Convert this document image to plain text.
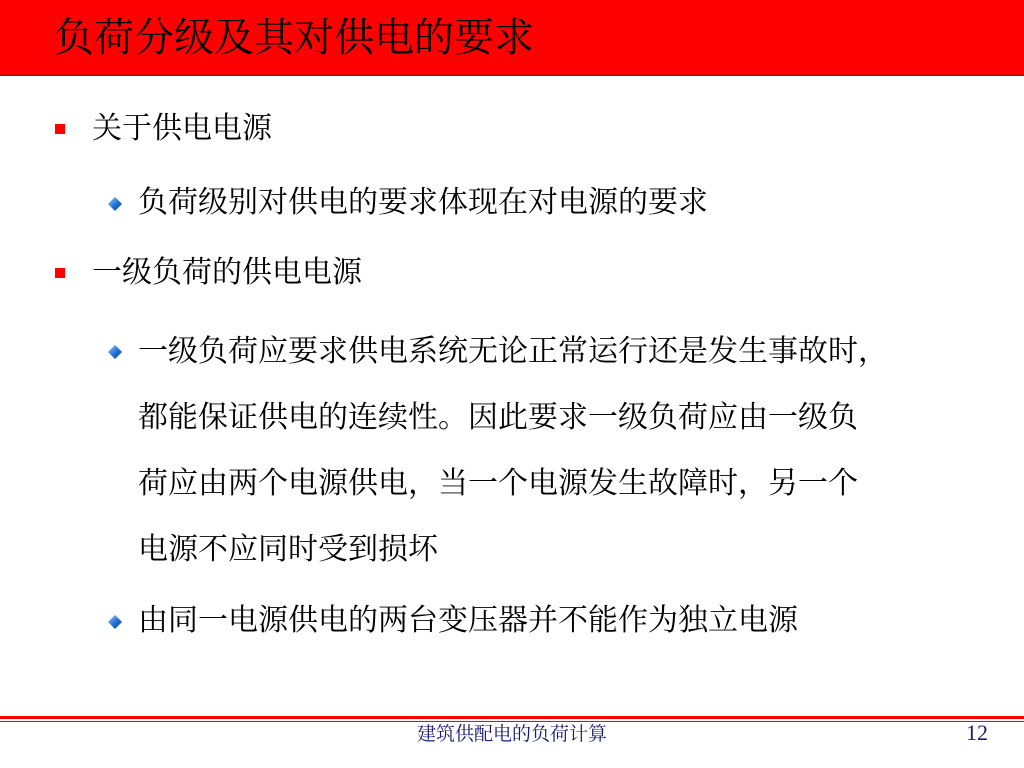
负荷分级及其对供电的要求
关于供电电源
负荷级别对供电的要求体现在对电源的要求
一级负荷的供电电源
一级负荷应要求供电系统无论正常运行还是发生事故时，
都能保证供电的连续性。因此要求一级负荷应由一级负
荷应由两个电源供电，当一个电源发生故障时，另一个
电源不应同时受到损坏
由同一电源供电的两台变压器并不能作为独立电源
建筑供配电的负荷计算	12
